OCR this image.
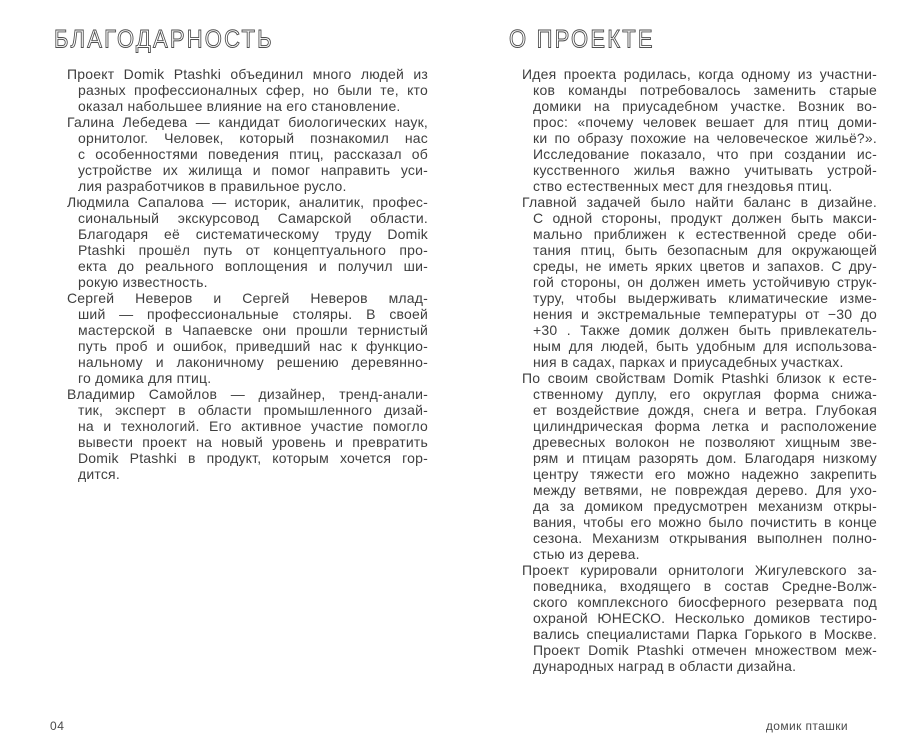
БЛАГОДАРНОСТЬ
Проект Domik Ptashki объединил много людей из
разных профессионалных сфер, но были те, кто
оказал набольшее влияние на его становление.
Галина Лебедева — кандидат биологических наук,
орнитолог. Человек, который познакомил нас
с особенностями поведения птиц, рассказал об
устройстве их жилища и помог направить уси-
лия разработчиков в правильное русло.
Людмила Сапалова — историк, аналитик, профес-
сиональный экскурсовод Самарской области.
Благодаря её систематическому труду Domik
Ptashki прошёл путь от концептуального про-
екта до реального воплощения и получил ши-
рокую известность.
Сергей Неверов и Сергей Неверов млад-
ший — профессиональные столяры. В своей
мастерской в Чапаевске они прошли тернистый
путь проб и ошибок, приведший нас к функцио-
нальному и лаконичному решению деревянно-
го домика для птиц.
Владимир Самойлов — дизайнер, тренд-анали-
тик, эксперт в области промышленного дизай-
на и технологий. Его активное участие помогло
вывести проект на новый уровень и превратить
Domik Ptashki в продукт, которым хочется гор-
дится.
О ПРОЕКТЕ
Идея проекта родилась, когда одному из участни-
ков команды потребовалось заменить старые
домики на приусадебном участке. Возник во-
прос: «почему человек вешает для птиц доми-
ки по образу похожие на человеческое жильё?».
Исследование показало, что при создании ис-
кусственного жилья важно учитывать устрой-
ство естественных мест для гнездовья птиц.
Главной задачей было найти баланс в дизайне.
С одной стороны, продукт должен быть макси-
мально приближен к естественной среде оби-
тания птиц, быть безопасным для окружающей
среды, не иметь ярких цветов и запахов. С дру-
гой стороны, он должен иметь устойчивую струк-
туру, чтобы выдерживать климатические изме-
нения и экстремальные температуры от −30 до
+30 . Также домик должен быть привлекатель-
ным для людей, быть удобным для использова-
ния в садах, парках и приусадебных участках.
По своим свойствам Domik Ptashki близок к есте-
ственному дуплу, его округлая форма снижа-
ет воздействие дождя, снега и ветра. Глубокая
цилиндрическая форма летка и расположение
древесных волокон не позволяют хищным зве-
рям и птицам разорять дом. Благодаря низкому
центру тяжести его можно надежно закрепить
между ветвями, не повреждая дерево. Для ухо-
да за домиком предусмотрен механизм откры-
вания, чтобы его можно было почистить в конце
сезона. Механизм открывания выполнен полно-
стью из дерева.
Проект курировали орнитологи Жигулевского за-
поведника, входящего в состав Средне-Волж-
ского комплексного биосферного резервата под
охраной ЮНЕСКО. Несколько домиков тестиро-
вались специалистами Парка Горького в Москве.
Проект Domik Ptashki отмечен множеством меж-
дународных наград в области дизайна.
04	домик пташки
